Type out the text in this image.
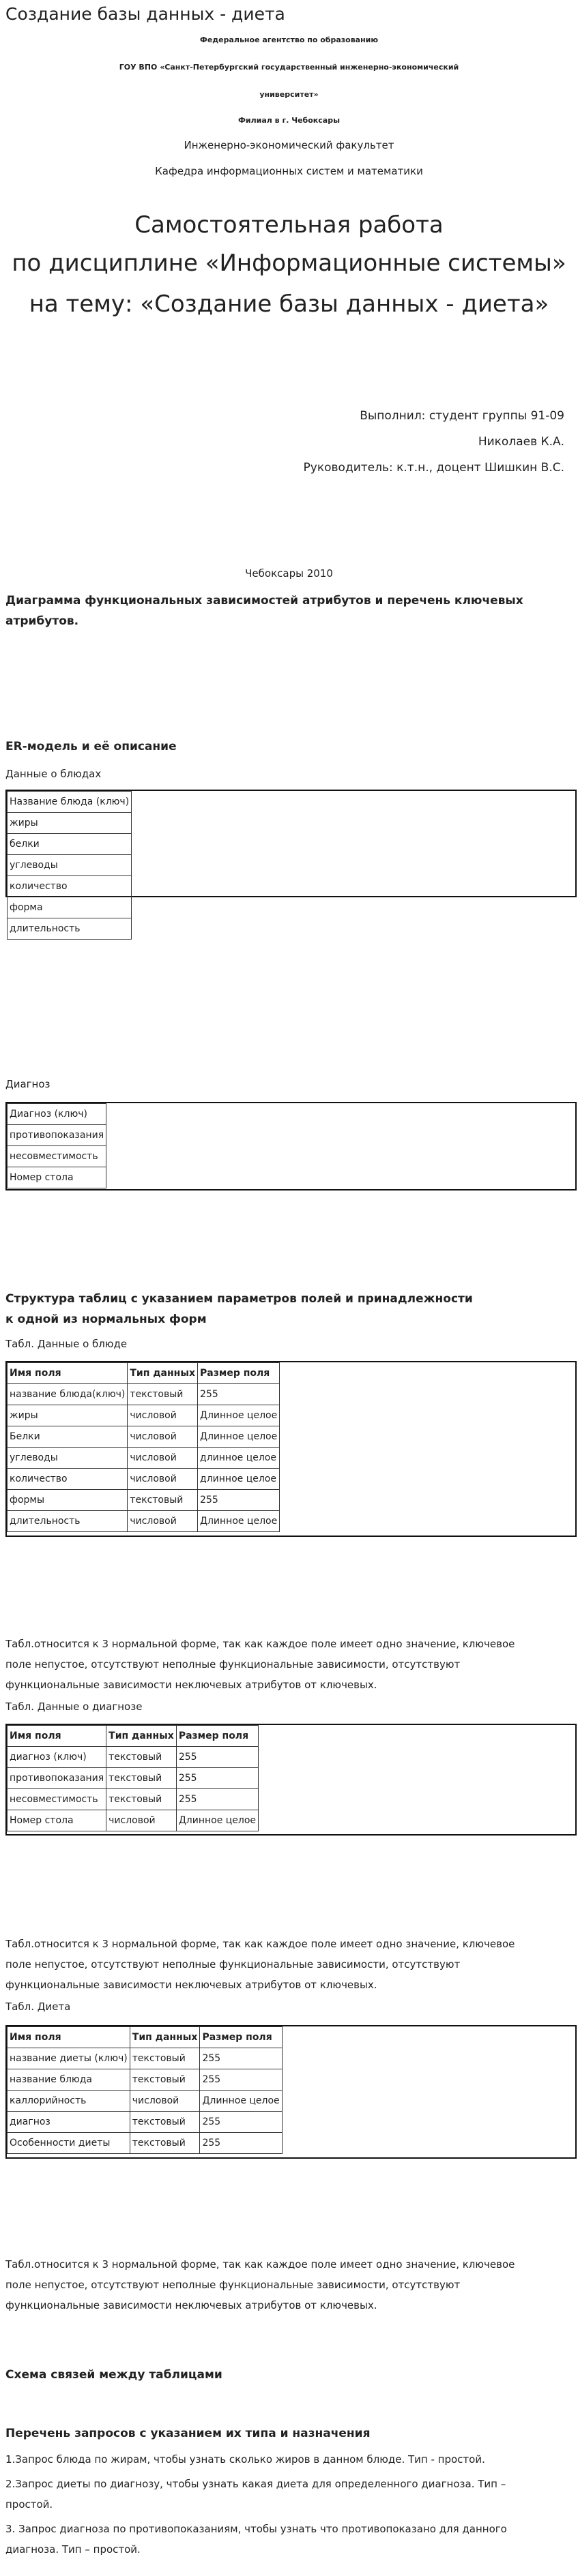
Создание базы данных - диета
Федеральное агентство по образованию
ГОУ ВПО «Санкт-Петербургский государственный инженерно-экономический
университет»
Филиал в г. Чебоксары
Инженерно-экономический факультет
Кафедра информационных систем и математики
Самостоятельная работа
по дисциплине «Информационные системы»
на тему: «Создание базы данных - диета»
Выполнил: студент группы 91-09
Николаев К.А.
Руководитель: к.т.н., доцент Шишкин В.С.
Чебоксары 2010
Диаграмма функциональных зависимостей атрибутов и перечень ключевых
атрибутов.
ER-модель и её описание
Данные о блюдах
Название блюда (ключ)
жиры
белки
углеводы
количество
форма
длительность
Диагноз
Диагноз (ключ)
противопоказания
несовместимость
Номер стола
Структура таблиц с указанием параметров полей и принадлежности
к одной из нормальных форм
Табл. Данные о блюде
Имя поля	Тип данных	Размер поля
название блюда(ключ)	текстовый	255
жиры	числовой	Длинное целое
Белки	числовой	Длинное целое
углеводы	числовой	длинное целое
количество	числовой	длинное целое
формы	текстовый	255
длительность	числовой	Длинное целое
Табл.относится к 3 нормальной форме, так как каждое поле имеет одно значение, ключевое
поле непустое, отсутствуют неполные функциональные зависимости, отсутствуют
функциональные зависимости неключевых атрибутов от ключевых.
Табл. Данные о диагнозе
Имя поля	Тип данных	Размер поля
диагноз (ключ)	текстовый	255
противопоказания	текстовый	255
несовместимость	текстовый	255
Номер стола	числовой	Длинное целое
Табл.относится к 3 нормальной форме, так как каждое поле имеет одно значение, ключевое
поле непустое, отсутствуют неполные функциональные зависимости, отсутствуют
функциональные зависимости неключевых атрибутов от ключевых.
Табл. Диета
Имя поля	Тип данных	Размер поля
название диеты (ключ)	текстовый	255
название блюда	текстовый	255
каллорийность	числовой	Длинное целое
диагноз	текстовый	255
Особенности диеты	текстовый	255
Табл.относится к 3 нормальной форме, так как каждое поле имеет одно значение, ключевое
поле непустое, отсутствуют неполные функциональные зависимости, отсутствуют
функциональные зависимости неключевых атрибутов от ключевых.
Схема связей между таблицами
Перечень запросов с указанием их типа и назначения
1.Запрос блюда по жирам, чтобы узнать сколько жиров в данном блюде. Тип - простой.
2.Запрос диеты по диагнозу, чтобы узнать какая диета для определенного диагноза. Тип –
простой.
3. Запрос диагноза по противопоказаниям, чтобы узнать что противопоказано для данного
диагноза. Тип – простой.
